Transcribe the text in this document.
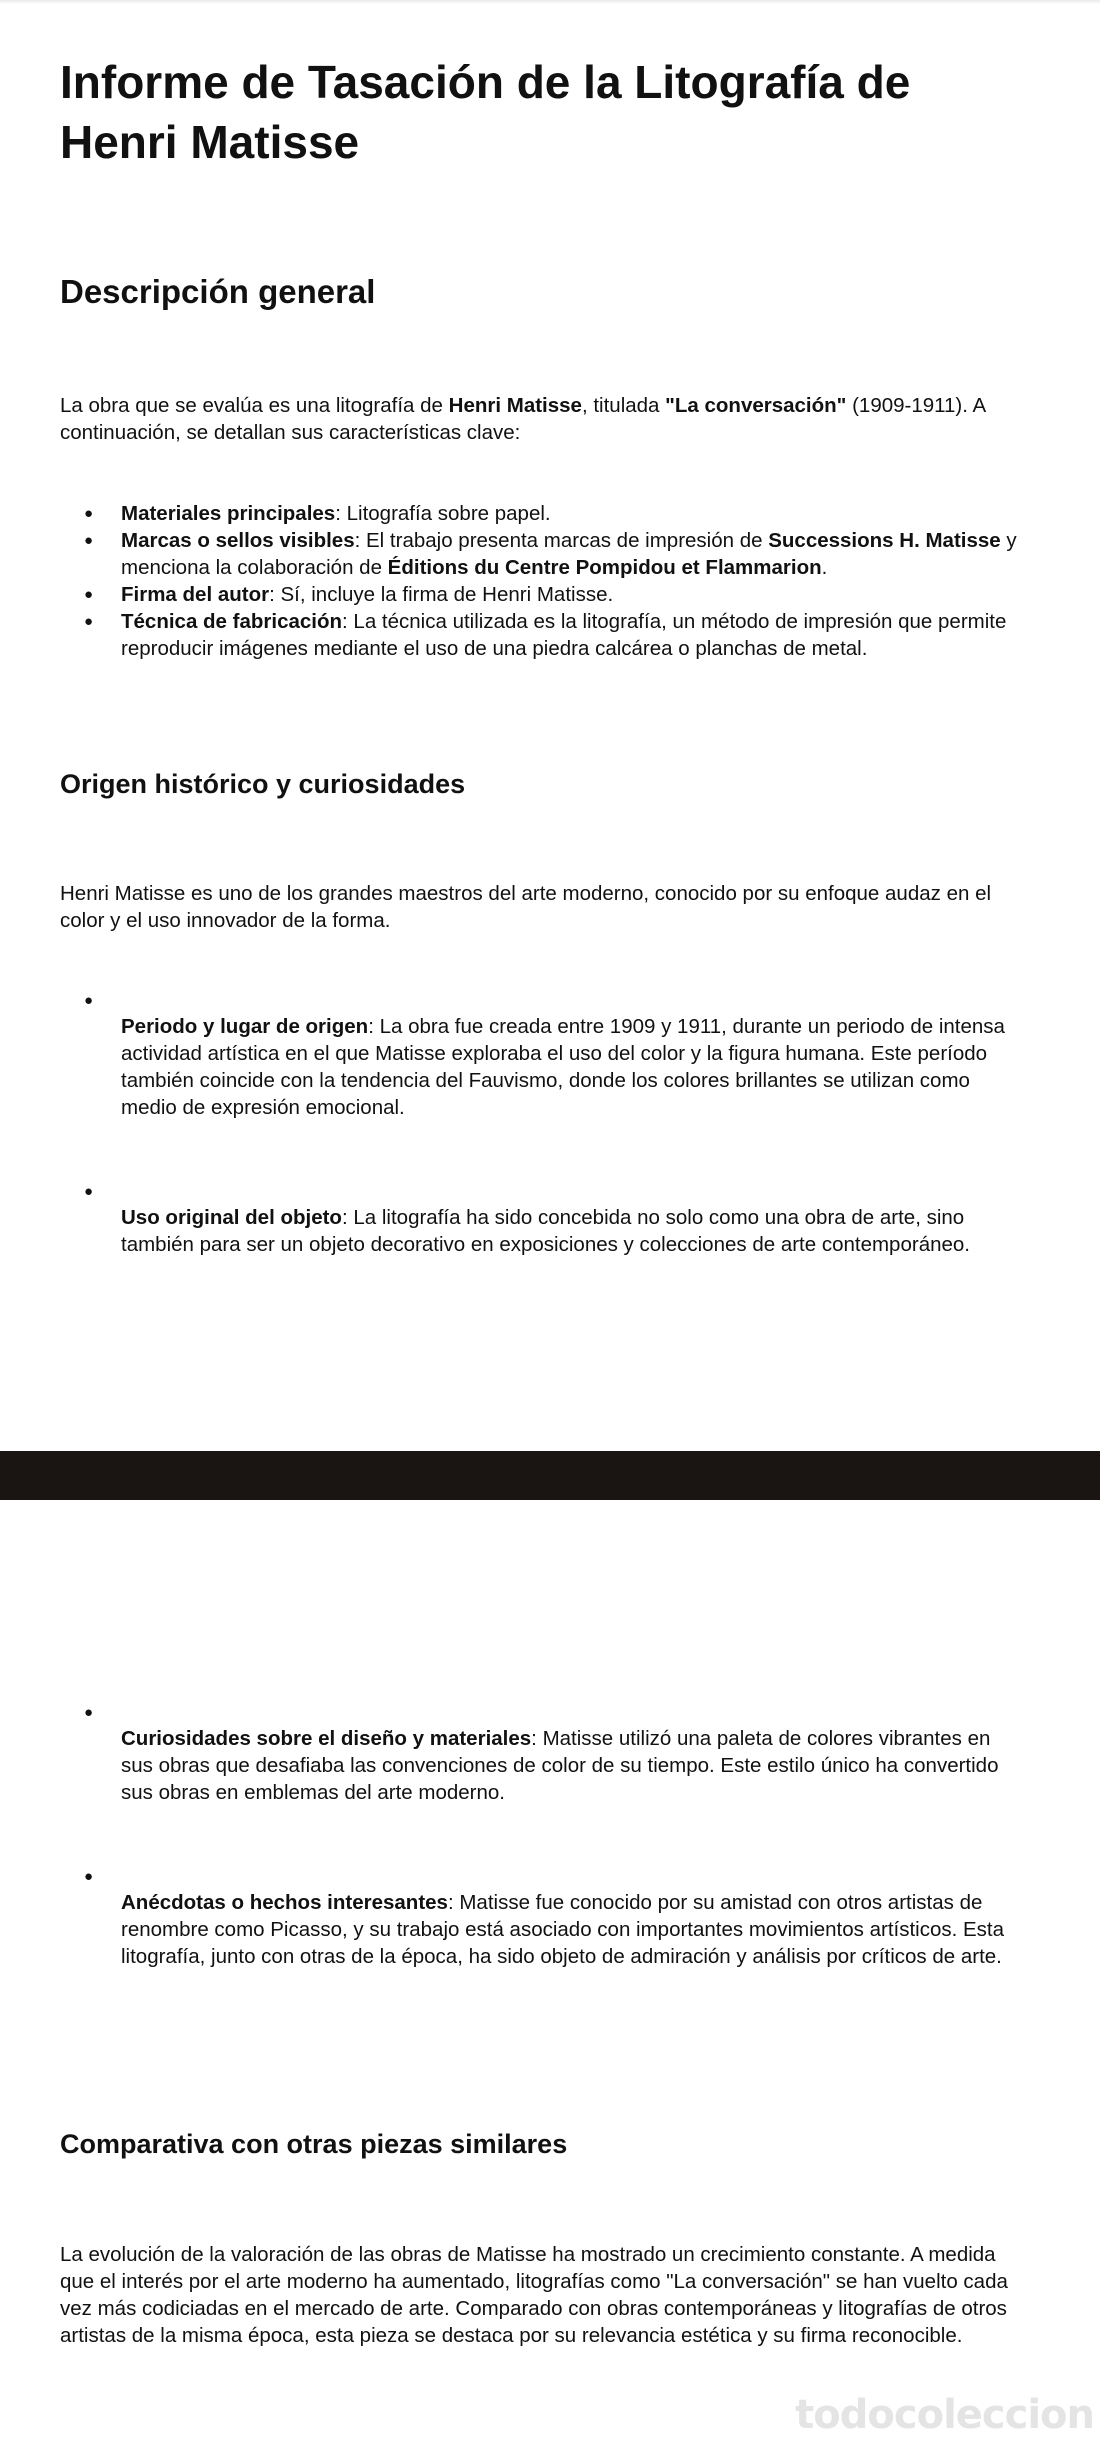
Informe de Tasación de la Litografía de Henri Matisse
Descripción general

La obra que se evalúa es una litografía de Henri Matisse, titulada "La conversación" (1909-1911). A continuación, se detallan sus características clave:

● Materiales principales: Litografía sobre papel.
● Marcas o sellos visibles: El trabajo presenta marcas de impresión de Successions H. Matisse y menciona la colaboración de Éditions du Centre Pompidou et Flammarion.
● Firma del autor: Sí, incluye la firma de Henri Matisse.
● Técnica de fabricación: La técnica utilizada es la litografía, un método de impresión que permite reproducir imágenes mediante el uso de una piedra calcárea o planchas de metal.
Origen histórico y curiosidades

Henri Matisse es uno de los grandes maestros del arte moderno, conocido por su enfoque audaz en el color y el uso innovador de la forma.

●
Periodo y lugar de origen: La obra fue creada entre 1909 y 1911, durante un periodo de intensa actividad artística en el que Matisse exploraba el uso del color y la figura humana. Este período también coincide con la tendencia del Fauvismo, donde los colores brillantes se utilizan como medio de expresión emocional.
●
Uso original del objeto: La litografía ha sido concebida no solo como una obra de arte, sino también para ser un objeto decorativo en exposiciones y colecciones de arte contemporáneo.
●
Curiosidades sobre el diseño y materiales: Matisse utilizó una paleta de colores vibrantes en sus obras que desafiaba las convenciones de color de su tiempo. Este estilo único ha convertido sus obras en emblemas del arte moderno.
●
Anécdotas o hechos interesantes: Matisse fue conocido por su amistad con otros artistas de renombre como Picasso, y su trabajo está asociado con importantes movimientos artísticos. Esta litografía, junto con otras de la época, ha sido objeto de admiración y análisis por críticos de arte.
Comparativa con otras piezas similares

La evolución de la valoración de las obras de Matisse ha mostrado un crecimiento constante. A medida que el interés por el arte moderno ha aumentado, litografías como "La conversación" se han vuelto cada vez más codiciadas en el mercado de arte. Comparado con obras contemporáneas y litografías de otros artistas de la misma época, esta pieza se destaca por su relevancia estética y su firma reconocible.

todocoleccion
